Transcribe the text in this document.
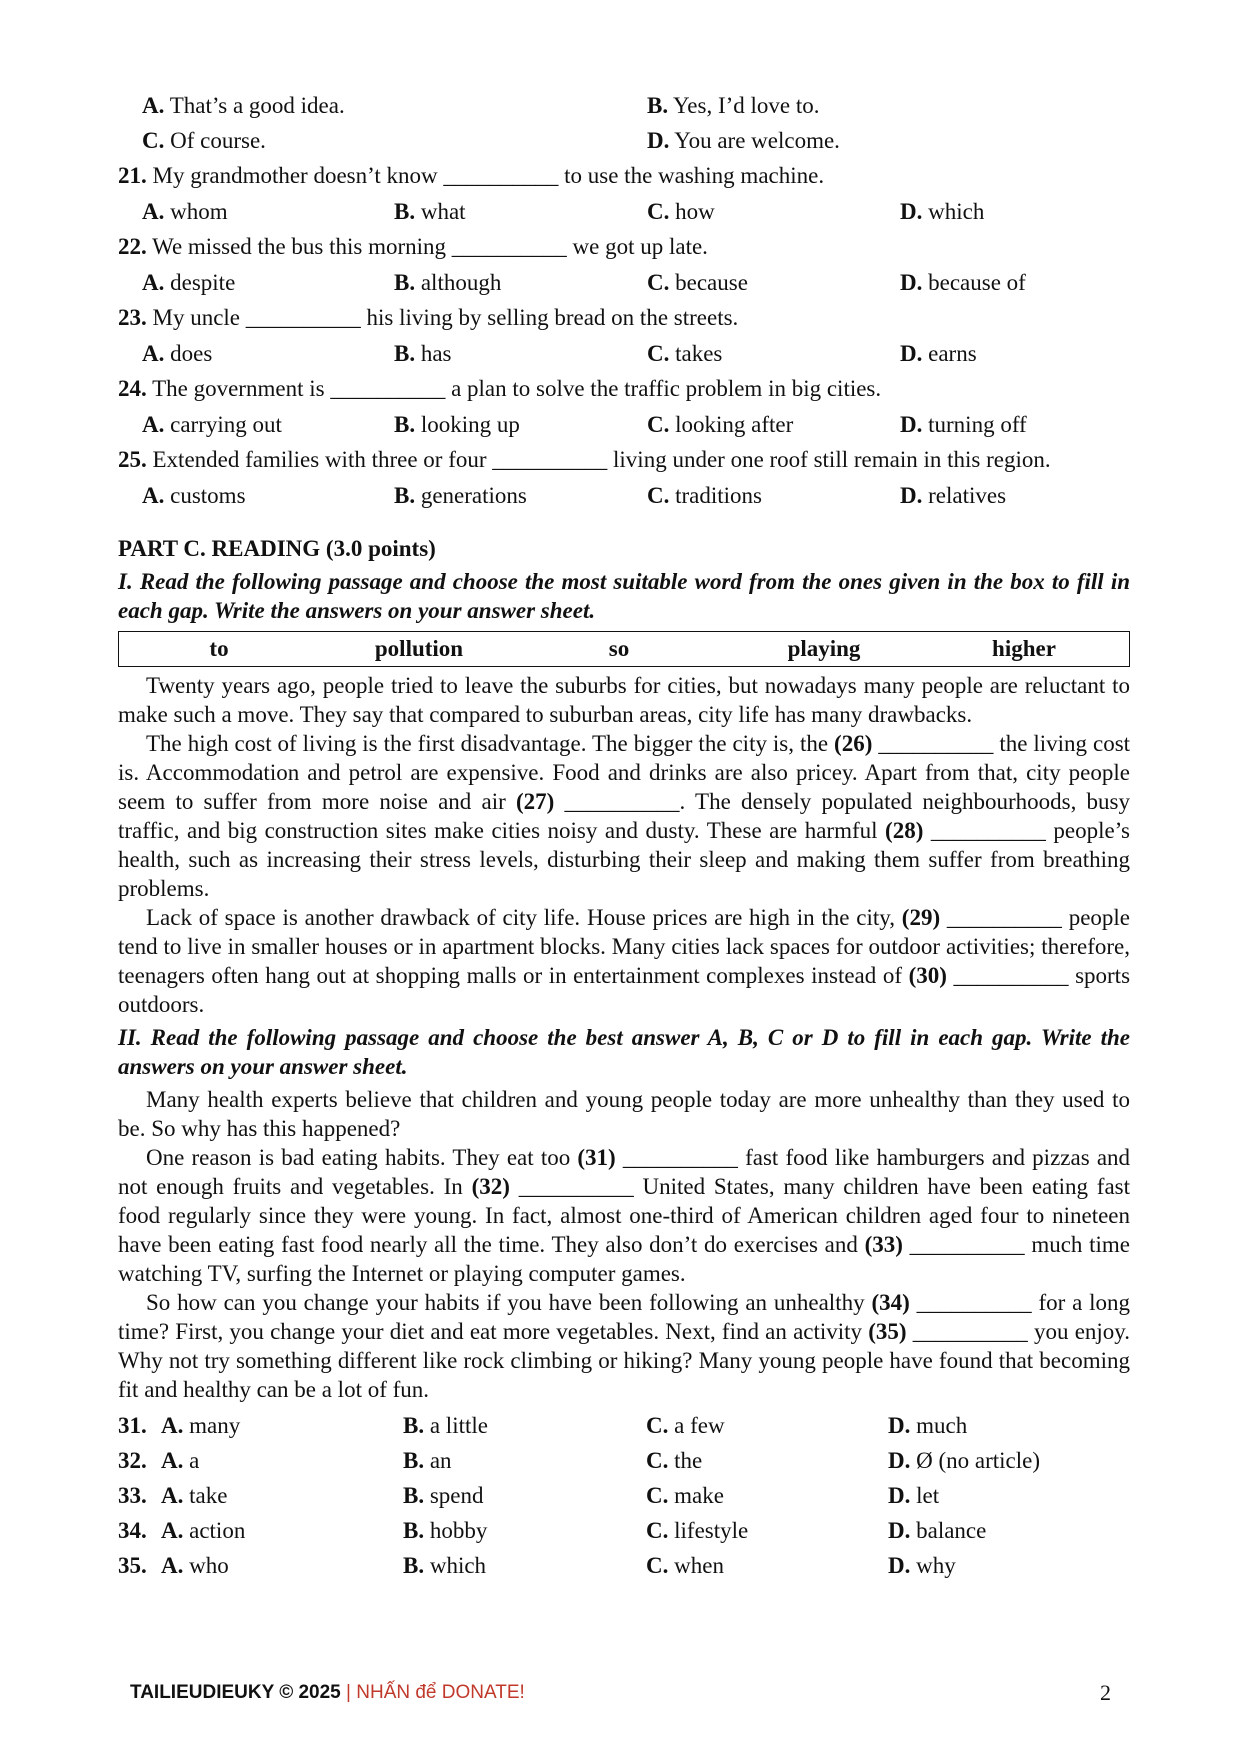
A. That’s a good idea.	B. Yes, I’d love to.
C. Of course.	D. You are welcome.
21. My grandmother doesn’t know __________ to use the washing machine.
A. whom	B. what	C. how	D. which
22. We missed the bus this morning __________ we got up late.
A. despite	B. although	C. because	D. because of
23. My uncle __________ his living by selling bread on the streets.
A. does	B. has	C. takes	D. earns
24. The government is __________ a plan to solve the traffic problem in big cities.
A. carrying out	B. looking up	C. looking after	D. turning off
25. Extended families with three or four __________ living under one roof still remain in this region.
A. customs	B. generations	C. traditions	D. relatives
PART C. READING (3.0 points)
I. Read the following passage and choose the most suitable word from the ones given in the box to fill in each gap. Write the answers on your answer sheet.
to	pollution	so	playing	higher

Twenty years ago, people tried to leave the suburbs for cities, but nowadays many people are reluctant to make such a move. They say that compared to suburban areas, city life has many drawbacks.

The high cost of living is the first disadvantage. The bigger the city is, the (26) __________ the living cost is. Accommodation and petrol are expensive. Food and drinks are also pricey. Apart from that, city people seem to suffer from more noise and air (27) __________. The densely populated neighbourhoods, busy traffic, and big construction sites make cities noisy and dusty. These are harmful (28) __________ people’s health, such as increasing their stress levels, disturbing their sleep and making them suffer from breathing problems.

Lack of space is another drawback of city life. House prices are high in the city, (29) __________ people tend to live in smaller houses or in apartment blocks. Many cities lack spaces for outdoor activities; therefore, teenagers often hang out at shopping malls or in entertainment complexes instead of (30) __________ sports outdoors.

II. Read the following passage and choose the best answer A, B, C or D to fill in each gap. Write the answers on your answer sheet.

Many health experts believe that children and young people today are more unhealthy than they used to be. So why has this happened?

One reason is bad eating habits. They eat too (31) __________ fast food like hamburgers and pizzas and not enough fruits and vegetables. In (32) __________ United States, many children have been eating fast food regularly since they were young. In fact, almost one-third of American children aged four to nineteen have been eating fast food nearly all the time. They also don’t do exercises and (33) __________ much time watching TV, surfing the Internet or playing computer games.

So how can you change your habits if you have been following an unhealthy (34) __________ for a long time? First, you change your diet and eat more vegetables. Next, find an activity (35) __________ you enjoy. Why not try something different like rock climbing or hiking? Many young people have found that becoming fit and healthy can be a lot of fun.

31. A. many	B. a little	C. a few	D. much
32. A. a	B. an	C. the	D. Ø (no article)
33. A. take	B. spend	C. make	D. let
34. A. action	B. hobby	C. lifestyle	D. balance
35. A. who	B. which	C. when	D. why
TAILIEUDIEUKY © 2025 | NHẤN để DONATE!	2
